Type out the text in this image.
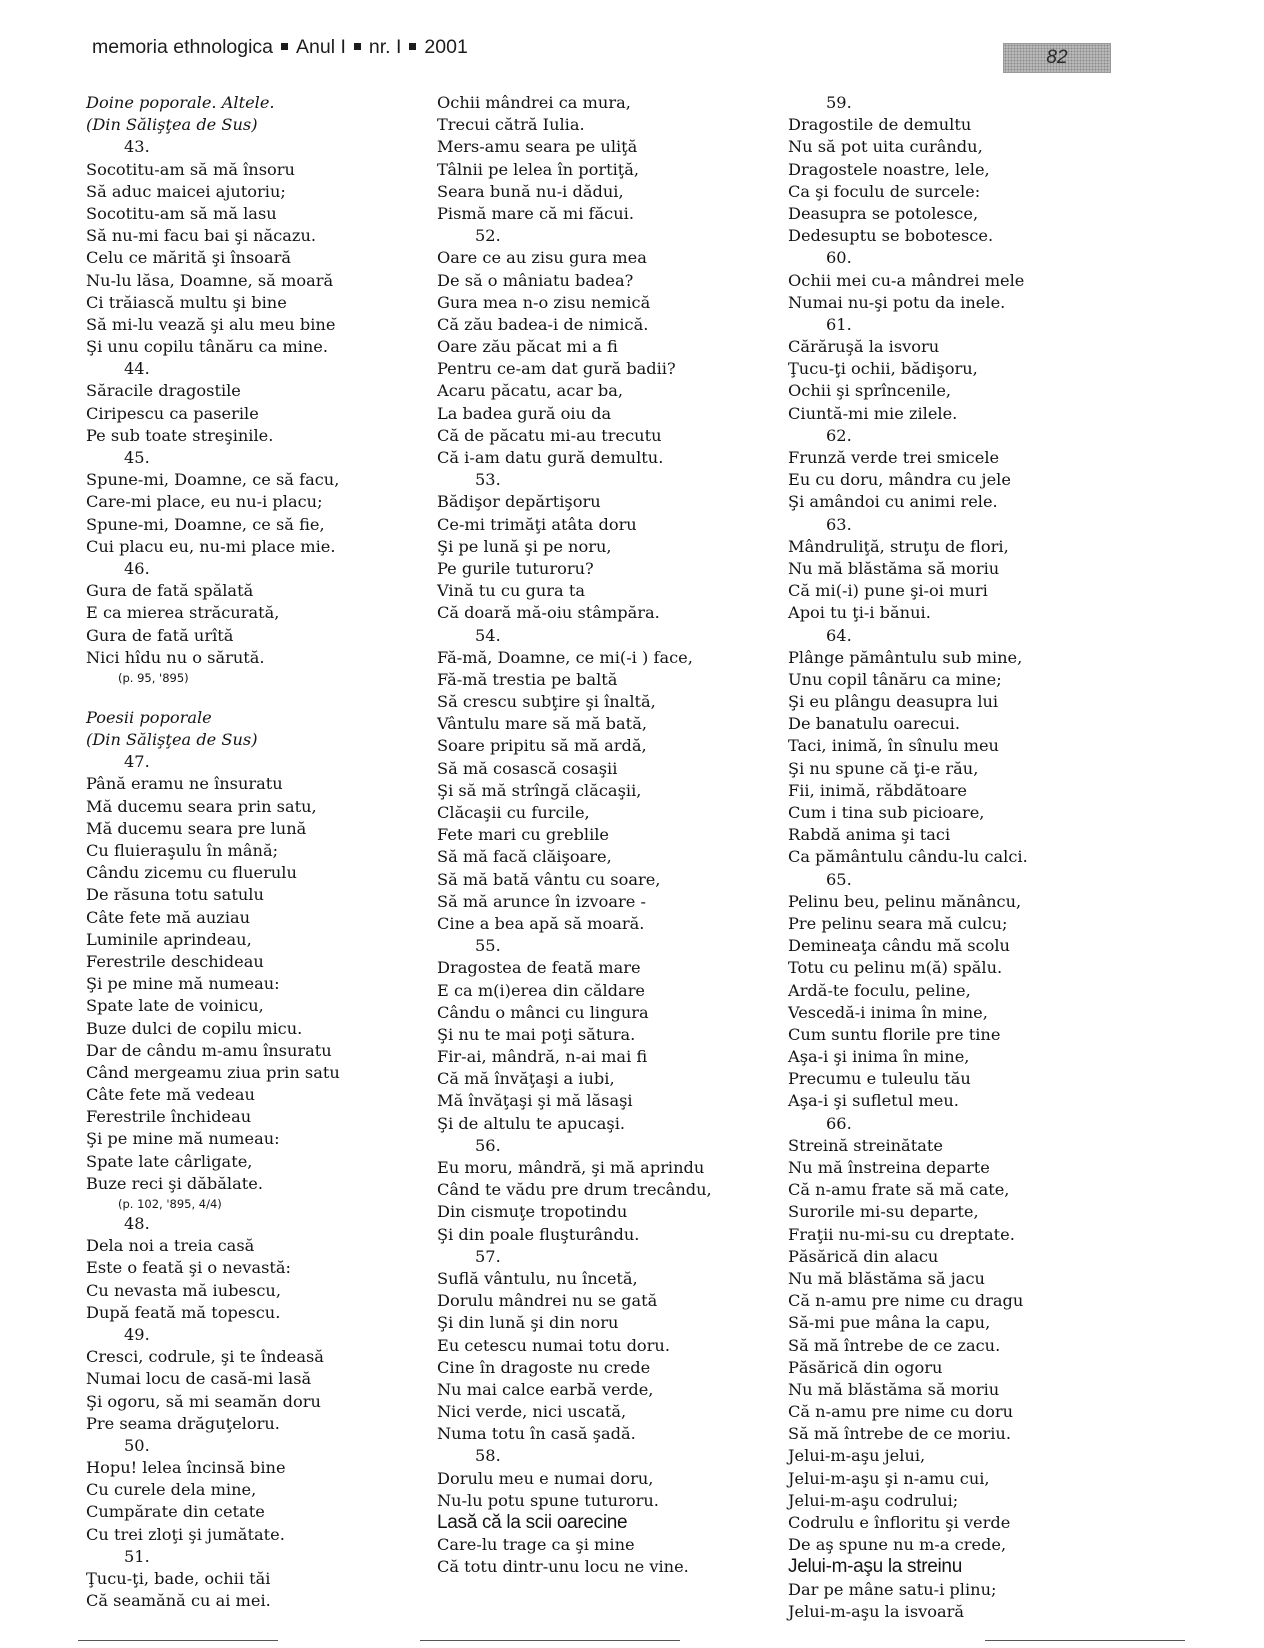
memoria ethnologica Anul I nr. I 2001	82
Doine poporale. Altele.
(Din Sălişţea de Sus)
43.
Socotitu-am să mă însoru
Să aduc maicei ajutoriu;
Socotitu-am să mă lasu
Să nu-mi facu bai şi năcazu.
Celu ce mărită şi însoară
Nu-lu lăsa, Doamne, să moară
Ci trăiască multu şi bine
Să mi-lu vează şi alu meu bine
Şi unu copilu tânăru ca mine.
44.
Săracile dragostile
Ciripescu ca paserile
Pe sub toate streşinile.
45.
Spune-mi, Doamne, ce să facu,
Care-mi place, eu nu-i placu;
Spune-mi, Doamne, ce să fie,
Cui placu eu, nu-mi place mie.
46.
Gura de fată spălată
E ca mierea străcurată,
Gura de fată urîtă
Nici hîdu nu o sărută.
(p. 95, '895)
Poesii poporale
(Din Sălişţea de Sus)
47.
Până eramu ne însuratu
Mă ducemu seara prin satu,
Mă ducemu seara pre lună
Cu fluieraşulu în mână;
Cându zicemu cu fluerulu
De răsuna totu satulu
Câte fete mă auziau
Luminile aprindeau,
Ferestrile deschideau
Şi pe mine mă numeau:
Spate late de voinicu,
Buze dulci de copilu micu.
Dar de cându m-amu însuratu
Când mergeamu ziua prin satu
Câte fete mă vedeau
Ferestrile închideau
Şi pe mine mă numeau:
Spate late cârligate,
Buze reci şi dăbălate.
(p. 102, '895, 4/4)
48.
Dela noi a treia casă
Este o feată şi o nevastă:
Cu nevasta mă iubescu,
După feată mă topescu.
49.
Cresci, codrule, şi te îndeasă
Numai locu de casă-mi lasă
Şi ogoru, să mi seamăn doru
Pre seama drăguţeloru.
50.
Hopu! lelea încinsă bine
Cu curele dela mine,
Cumpărate din cetate
Cu trei zloţi şi jumătate.
51.
Ţucu-ţi, bade, ochii tăi
Că seamănă cu ai mei.
Ochii mândrei ca mura,
Trecui cătră Iulia.
Mers-amu seara pe uliţă
Tâlnii pe lelea în portiţă,
Seara bună nu-i dădui,
Pismă mare că mi făcui.
52.
Oare ce au zisu gura mea
De să o mâniatu badea?
Gura mea n-o zisu nemică
Că zău badea-i de nimică.
Oare zău păcat mi a fi
Pentru ce-am dat gură badii?
Acaru păcatu, acar ba,
La badea gură oiu da
Că de păcatu mi-au trecutu
Că i-am datu gură demultu.
53.
Bădişor depărtişoru
Ce-mi trimăţi atâta doru
Şi pe lună şi pe noru,
Pe gurile tuturoru?
Vină tu cu gura ta
Că doară mă-oiu stâmpăra.
54.
Fă-mă, Doamne, ce mi(-i ) face,
Fă-mă trestia pe baltă
Să crescu subţire şi înaltă,
Vântulu mare să mă bată,
Soare pripitu să mă ardă,
Să mă cosască cosaşii
Şi să mă strîngă clăcaşii,
Clăcaşii cu furcile,
Fete mari cu greblile
Să mă facă clăişoare,
Să mă bată vântu cu soare,
Să mă arunce în izvoare -
Cine a bea apă să moară.
55.
Dragostea de feată mare
E ca m(i)erea din căldare
Cându o mânci cu lingura
Şi nu te mai poţi sătura.
Fir-ai, mândră, n-ai mai fi
Că mă învăţaşi a iubi,
Mă învăţaşi şi mă lăsaşi
Şi de altulu te apucaşi.
56.
Eu moru, mândră, şi mă aprindu
Când te vădu pre drum trecându,
Din cismuţe tropotindu
Şi din poale fluşturându.
57.
Suflă vântulu, nu încetă,
Dorulu mândrei nu se gată
Şi din lună şi din noru
Eu cetescu numai totu doru.
Cine în dragoste nu crede
Nu mai calce earbă verde,
Nici verde, nici uscată,
Numa totu în casă şadă.
58.
Dorulu meu e numai doru,
Nu-lu potu spune tuturoru.
Lasă că la scii oarecine
Care-lu trage ca şi mine
Că totu dintr-unu locu ne vine.
59.
Dragostile de demultu
Nu să pot uita curându,
Dragostele noastre, lele,
Ca şi foculu de surcele:
Deasupra se potolesce,
Dedesuptu se bobotesce.
60.
Ochii mei cu-a mândrei mele
Numai nu-şi potu da inele.
61.
Cărăruşă la isvoru
Ţucu-ţi ochii, bădişoru,
Ochii şi sprîncenile,
Ciuntă-mi mie zilele.
62.
Frunză verde trei smicele
Eu cu doru, mândra cu jele
Şi amândoi cu animi rele.
63.
Mândruliţă, struţu de flori,
Nu mă blăstăma să moriu
Că mi(-i) pune şi-oi muri
Apoi tu ţi-i bănui.
64.
Plânge pământulu sub mine,
Unu copil tânăru ca mine;
Şi eu plângu deasupra lui
De banatulu oarecui.
Taci, inimă, în sînulu meu
Şi nu spune că ţi-e rău,
Fii, inimă, răbdătoare
Cum i tina sub picioare,
Rabdă anima şi taci
Ca pământulu cându-lu calci.
65.
Pelinu beu, pelinu mănâncu,
Pre pelinu seara mă culcu;
Demineaţa cându mă scolu
Totu cu pelinu m(ă) spălu.
Ardă-te foculu, peline,
Vescedă-i inima în mine,
Cum suntu florile pre tine
Aşa-i şi inima în mine,
Precumu e tuleulu tău
Aşa-i şi sufletul meu.
66.
Streină streinătate
Nu mă înstreina departe
Că n-amu frate să mă cate,
Surorile mi-su departe,
Fraţii nu-mi-su cu dreptate.
Păsărică din alacu
Nu mă blăstăma să jacu
Că n-amu pre nime cu dragu
Să-mi pue mâna la capu,
Să mă întrebe de ce zacu.
Păsărică din ogoru
Nu mă blăstăma să moriu
Că n-amu pre nime cu doru
Să mă întrebe de ce moriu.
Jelui-m-aşu jelui,
Jelui-m-aşu şi n-amu cui,
Jelui-m-aşu codrului;
Codrulu e înfloritu şi verde
De aş spune nu m-a crede,
Jelui-m-aşu la streinu
Dar pe mâne satu-i plinu;
Jelui-m-aşu la isvoară
